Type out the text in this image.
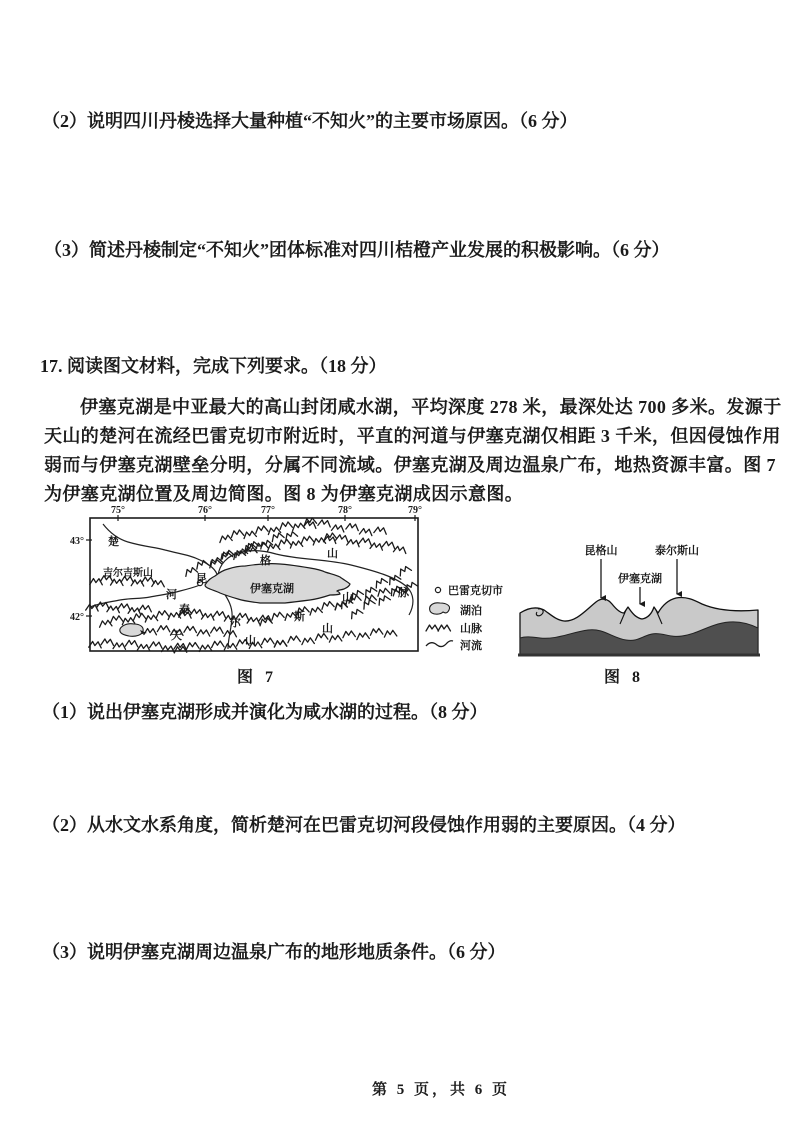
（2）说明四川丹棱选择大量种植“不知火”的主要市场原因。（6 分）
（3）简述丹棱制定“不知火”团体标准对四川桔橙产业发展的积极影响。（6 分）
17. 阅读图文材料，完成下列要求。（18 分）
伊塞克湖是中亚最大的高山封闭咸水湖，平均深度 278 米，最深处达 700 多米。发源于
天山的楚河在流经巴雷克切市附近时，平直的河道与伊塞克湖仅相距 3 千米，但因侵蚀作用
弱而与伊塞克湖壁垒分明，分属不同流域。伊塞克湖及周边温泉广布，地热资源丰富。图 7
为伊塞克湖位置及周边简图。图 8 为伊塞克湖成因示意图。
75°	76°	77°	78°	79°
43°
42°
楚
吉尔吉斯山
河
昆
格
山
山	脉
伊塞克湖
泰
尔	斯
山
天	山
巴雷克切市
湖泊
山脉
河流
昆格山	泰尔斯山
伊塞克湖
图 7	图 8
（1）说出伊塞克湖形成并演化为咸水湖的过程。（8 分）
（2）从水文水系角度，简析楚河在巴雷克切河段侵蚀作用弱的主要原因。（4 分）
（3）说明伊塞克湖周边温泉广布的地形地质条件。（6 分）
第 5 页，共 6 页
